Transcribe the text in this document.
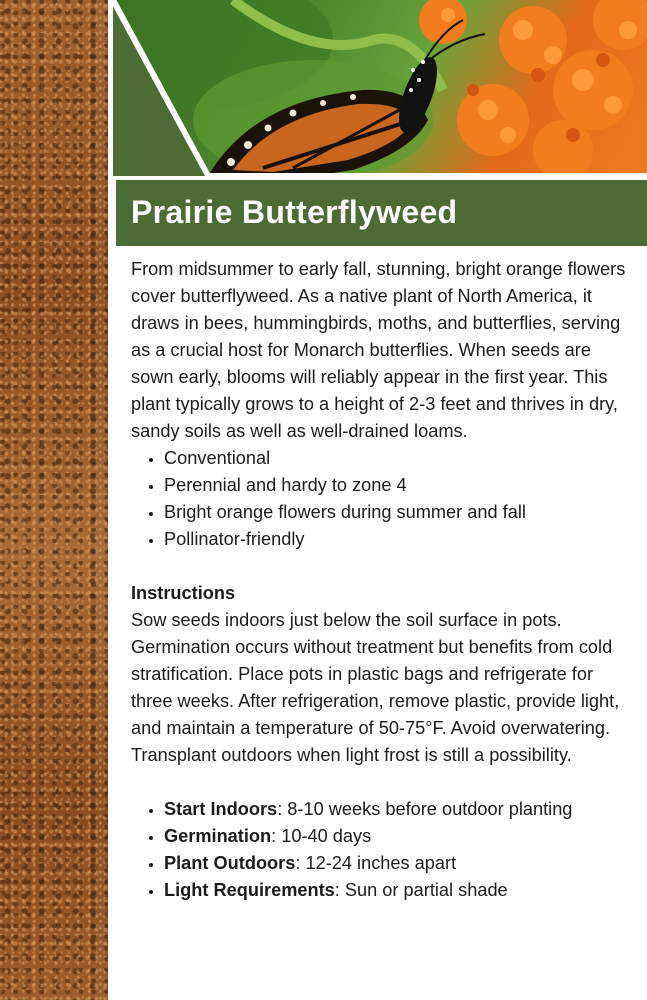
Prairie Butterflyweed

From midsummer to early fall, stunning, bright orange flowers cover butterflyweed. As a native plant of North America, it draws in bees, hummingbirds, moths, and butterflies, serving as a crucial host for Monarch butterflies. When seeds are sown early, blooms will reliably appear in the first year. This plant typically grows to a height of 2-3 feet and thrives in dry, sandy soils as well as well-drained loams.

• Conventional
• Perennial and hardy to zone 4
• Bright orange flowers during summer and fall
• Pollinator-friendly

Instructions

Sow seeds indoors just below the soil surface in pots. Germination occurs without treatment but benefits from cold stratification. Place pots in plastic bags and refrigerate for three weeks. After refrigeration, remove plastic, provide light, and maintain a temperature of 50-75°F. Avoid overwatering. Transplant outdoors when light frost is still a possibility.

• Start Indoors: 8-10 weeks before outdoor planting
• Germination: 10-40 days
• Plant Outdoors: 12-24 inches apart
• Light Requirements: Sun or partial shade
